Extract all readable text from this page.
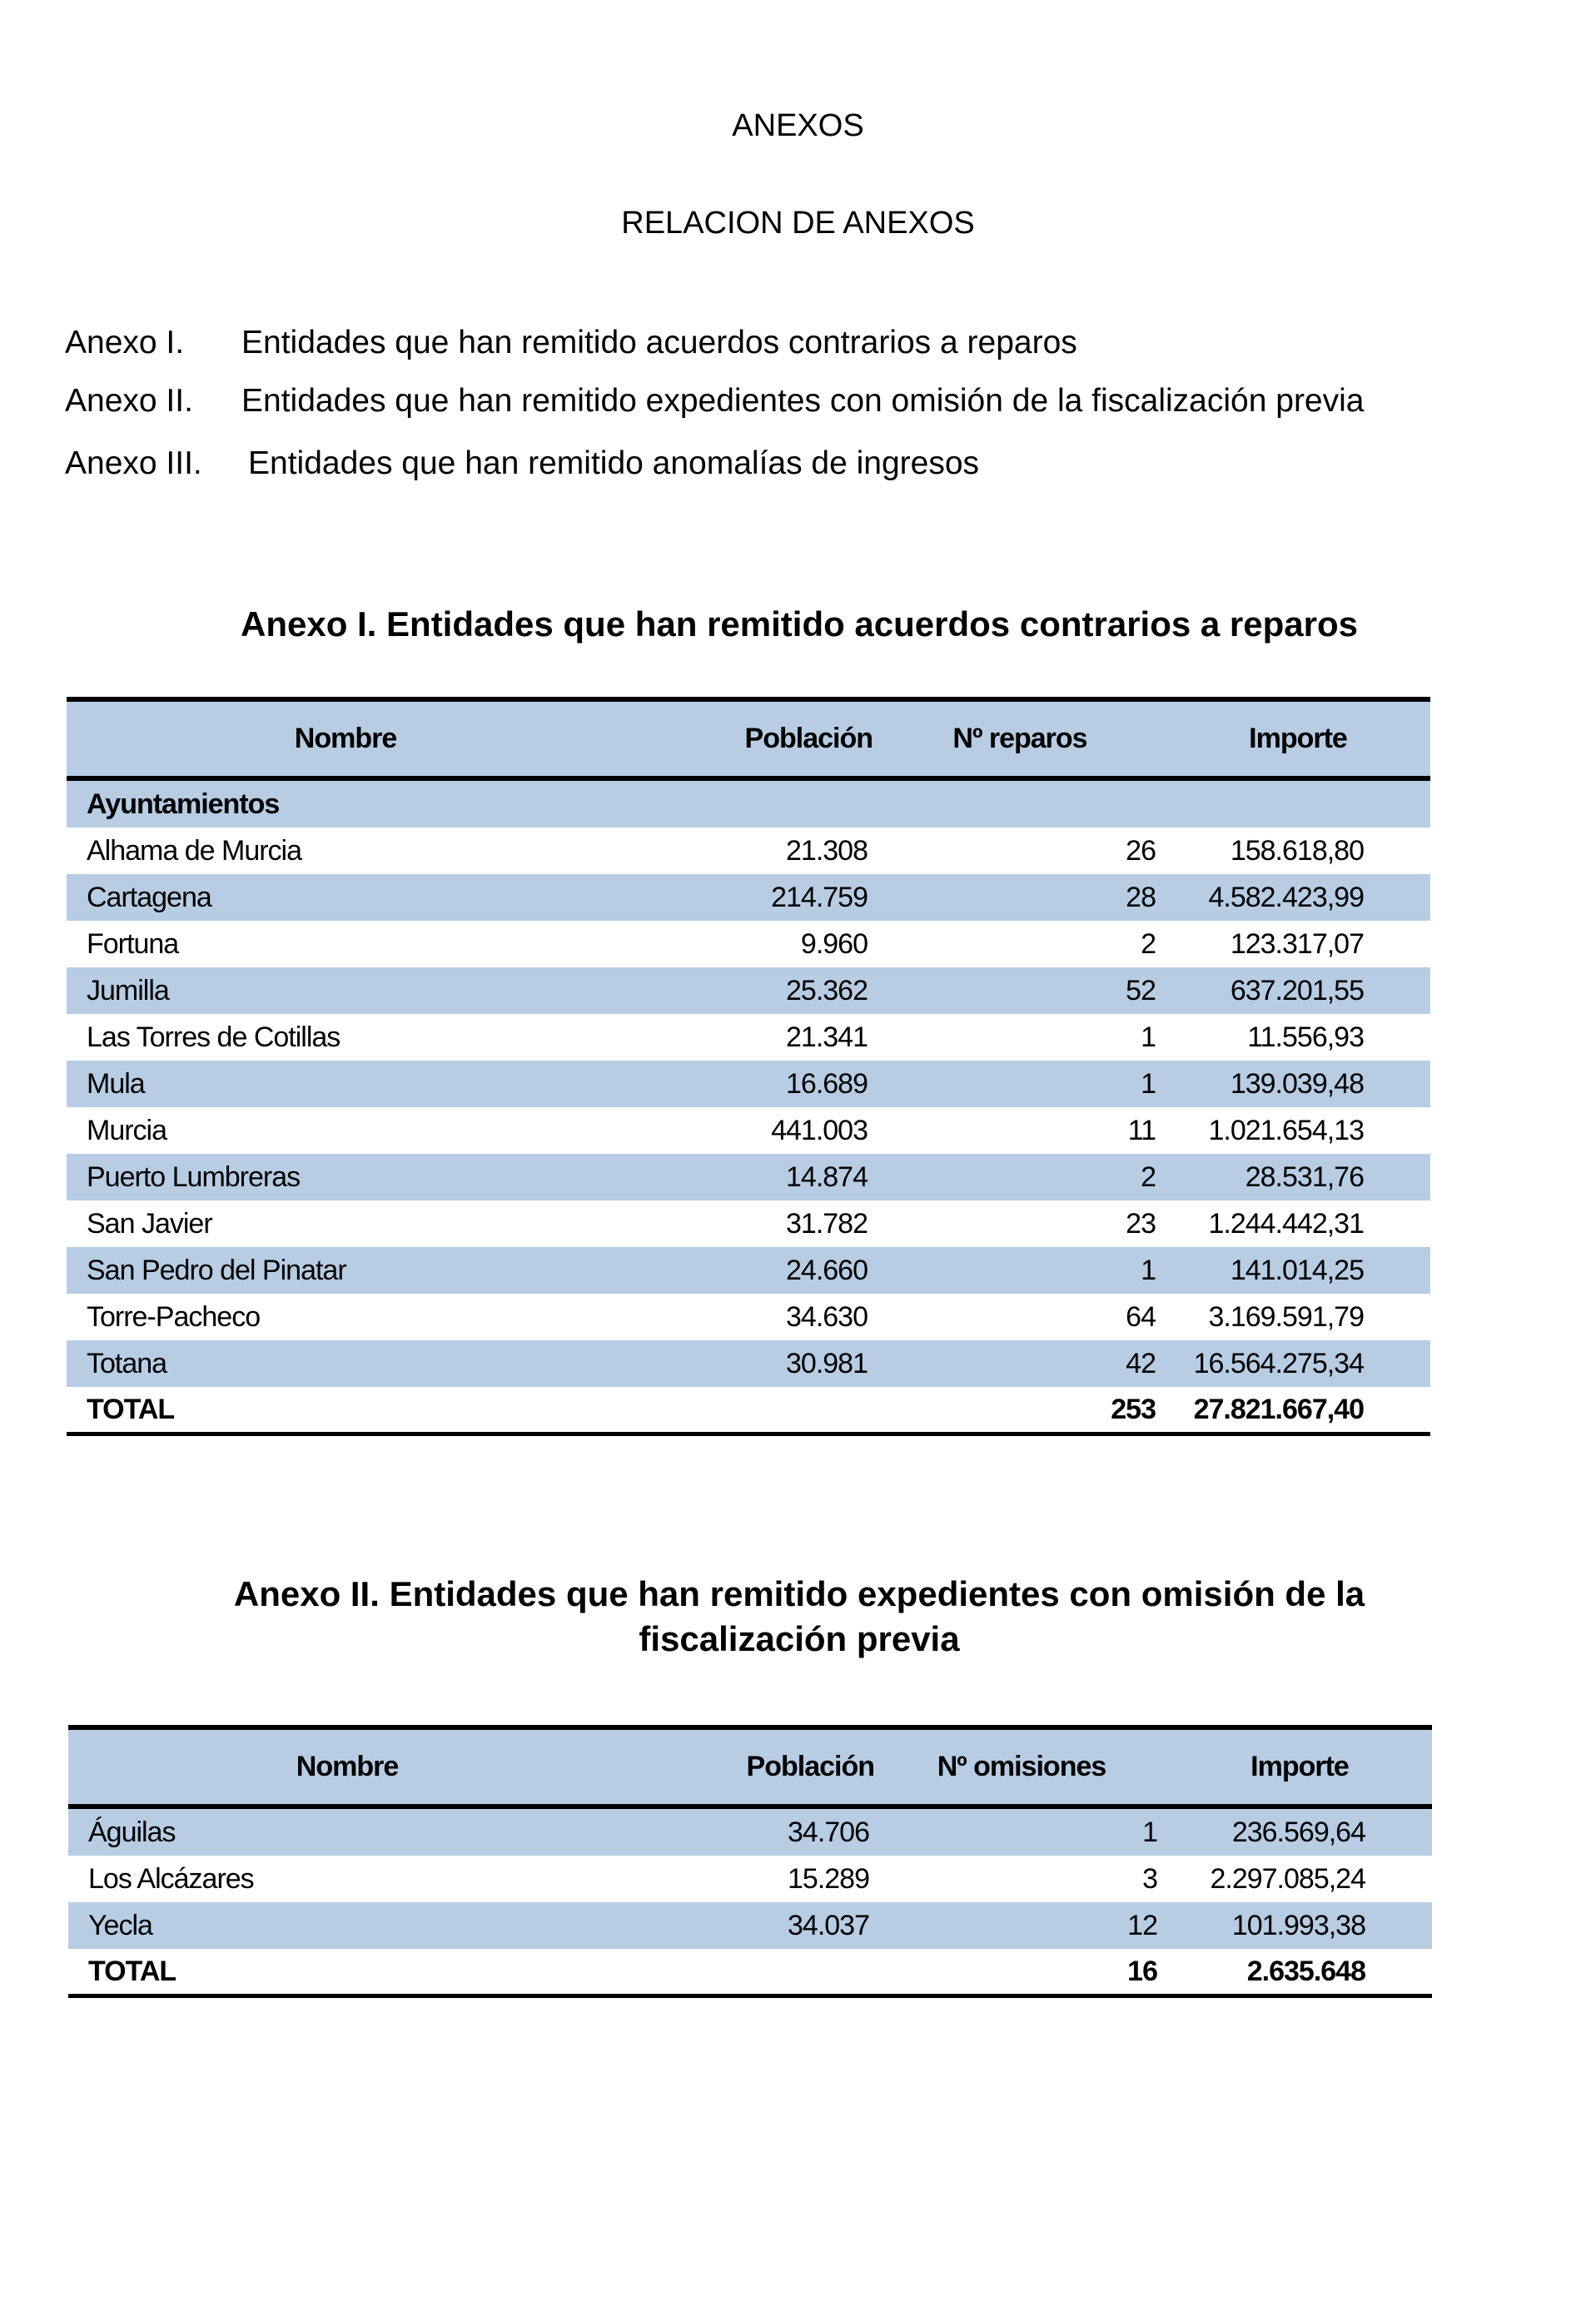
ANEXOS
RELACION DE ANEXOS
Anexo I. Entidades que han remitido acuerdos contrarios a reparos
Anexo II. Entidades que han remitido expedientes con omisión de la fiscalización previa
Anexo III. Entidades que han remitido anomalías de ingresos
Anexo I. Entidades que han remitido acuerdos contrarios a reparos
Nombre	Población	Nº reparos	Importe
Ayuntamientos			
Alhama de Murcia	21.308	26	158.618,80
Cartagena	214.759	28	4.582.423,99
Fortuna	9.960	2	123.317,07
Jumilla	25.362	52	637.201,55
Las Torres de Cotillas	21.341	1	11.556,93
Mula	16.689	1	139.039,48
Murcia	441.003	11	1.021.654,13
Puerto Lumbreras	14.874	2	28.531,76
San Javier	31.782	23	1.244.442,31
San Pedro del Pinatar	24.660	1	141.014,25
Torre-Pacheco	34.630	64	3.169.591,79
Totana	30.981	42	16.564.275,34
TOTAL		253	27.821.667,40
Anexo II. Entidades que han remitido expedientes con omisión de la
fiscalización previa
Nombre	Población	Nº omisiones	Importe
Águilas	34.706	1	236.569,64
Los Alcázares	15.289	3	2.297.085,24
Yecla	34.037	12	101.993,38
TOTAL		16	2.635.648
